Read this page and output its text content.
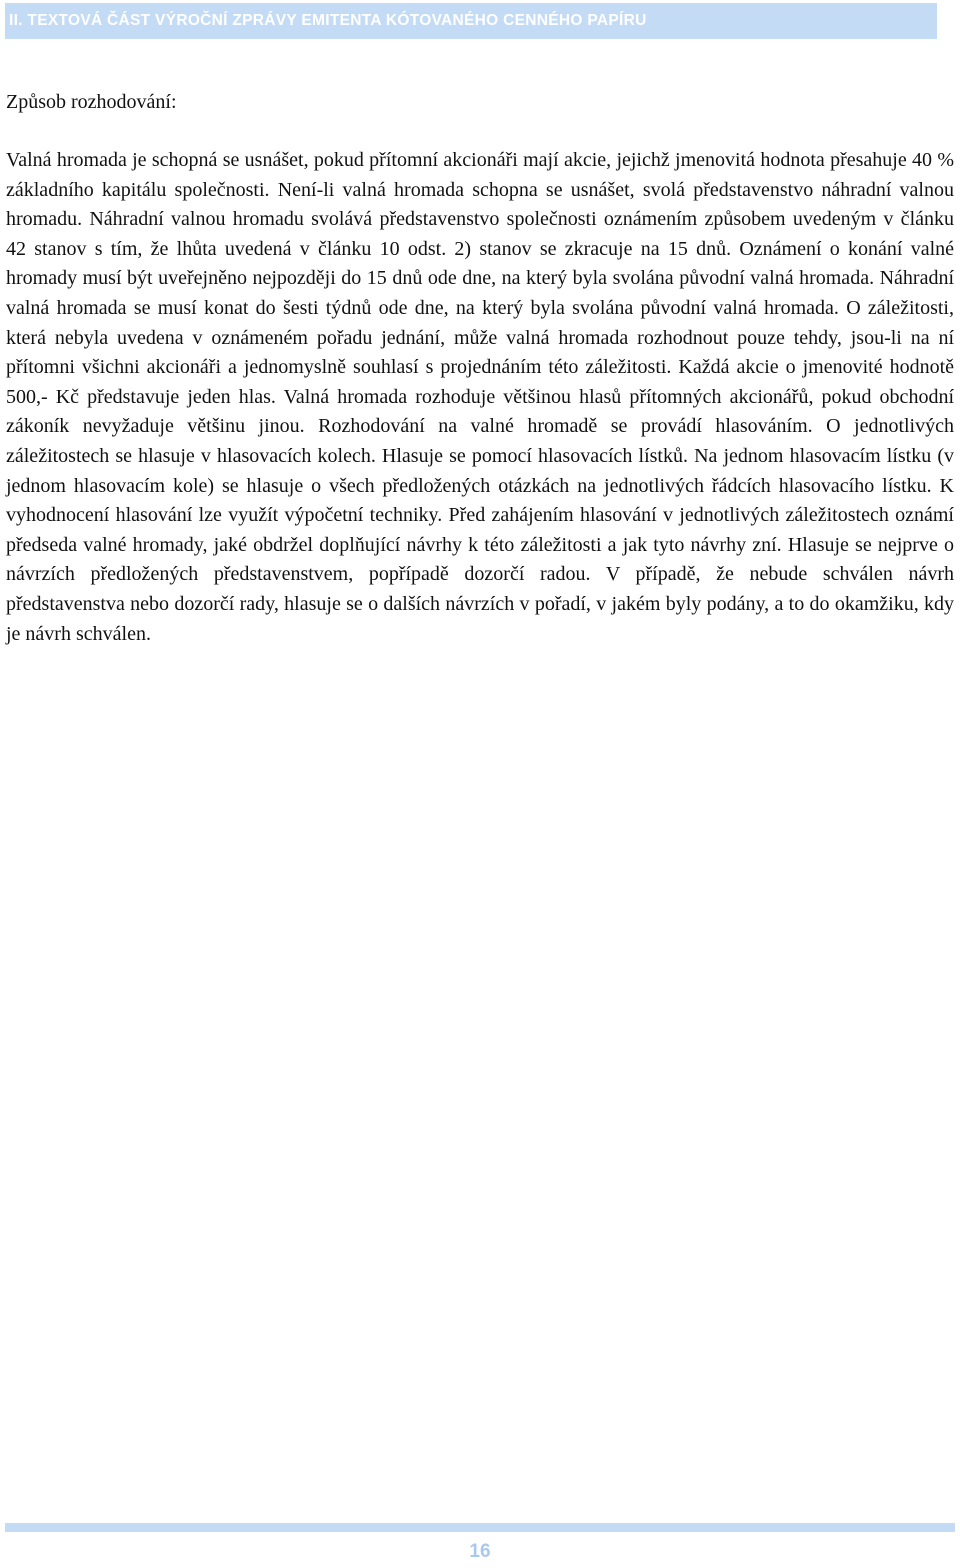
II. TEXTOVÁ ČÁST VÝROČNÍ ZPRÁVY EMITENTA KÓTOVANÉHO CENNÉHO PAPÍRU
Způsob rozhodování:

Valná hromada je schopná se usnášet, pokud přítomní akcionáři mají akcie, jejichž jmenovitá hodnota přesahuje 40 % základního kapitálu společnosti. Není-li valná hromada schopna se usnášet, svolá představenstvo náhradní valnou hromadu. Náhradní valnou hromadu svolává představenstvo společnosti oznámením způsobem uvedeným v článku 42 stanov s tím, že lhůta uvedená v článku 10 odst. 2) stanov se zkracuje na 15 dnů. Oznámení o konání valné hromady musí být uveřejněno nejpozději do 15 dnů ode dne, na který byla svolána původní valná hromada. Náhradní valná hromada se musí konat do šesti týdnů ode dne, na který byla svolána původní valná hromada. O záležitosti, která nebyla uvedena v oznámeném pořadu jednání, může valná hromada rozhodnout pouze tehdy, jsou-li na ní přítomni všichni akcionáři a jednomyslně souhlasí s projednáním této záležitosti. Každá akcie o jmenovité hodnotě 500,- Kč představuje jeden hlas. Valná hromada rozhoduje většinou hlasů přítomných akcionářů, pokud obchodní zákoník nevyžaduje většinu jinou. Rozhodování na valné hromadě se provádí hlasováním. O jednotlivých záležitostech se hlasuje v hlasovacích kolech. Hlasuje se pomocí hlasovacích lístků. Na jednom hlasovacím lístku (v jednom hlasovacím kole) se hlasuje o všech předložených otázkách na jednotlivých řádcích hlasovacího lístku. K vyhodnocení hlasování lze využít výpočetní techniky. Před zahájením hlasování v jednotlivých záležitostech oznámí předseda valné hromady, jaké obdržel doplňující návrhy k této záležitosti a jak tyto návrhy zní. Hlasuje se nejprve o návrzích předložených představenstvem, popřípadě dozorčí radou. V případě, že nebude schválen návrh představenstva nebo dozorčí rady, hlasuje se o dalších návrzích v pořadí, v jakém byly podány, a to do okamžiku, kdy je návrh schválen.

16
